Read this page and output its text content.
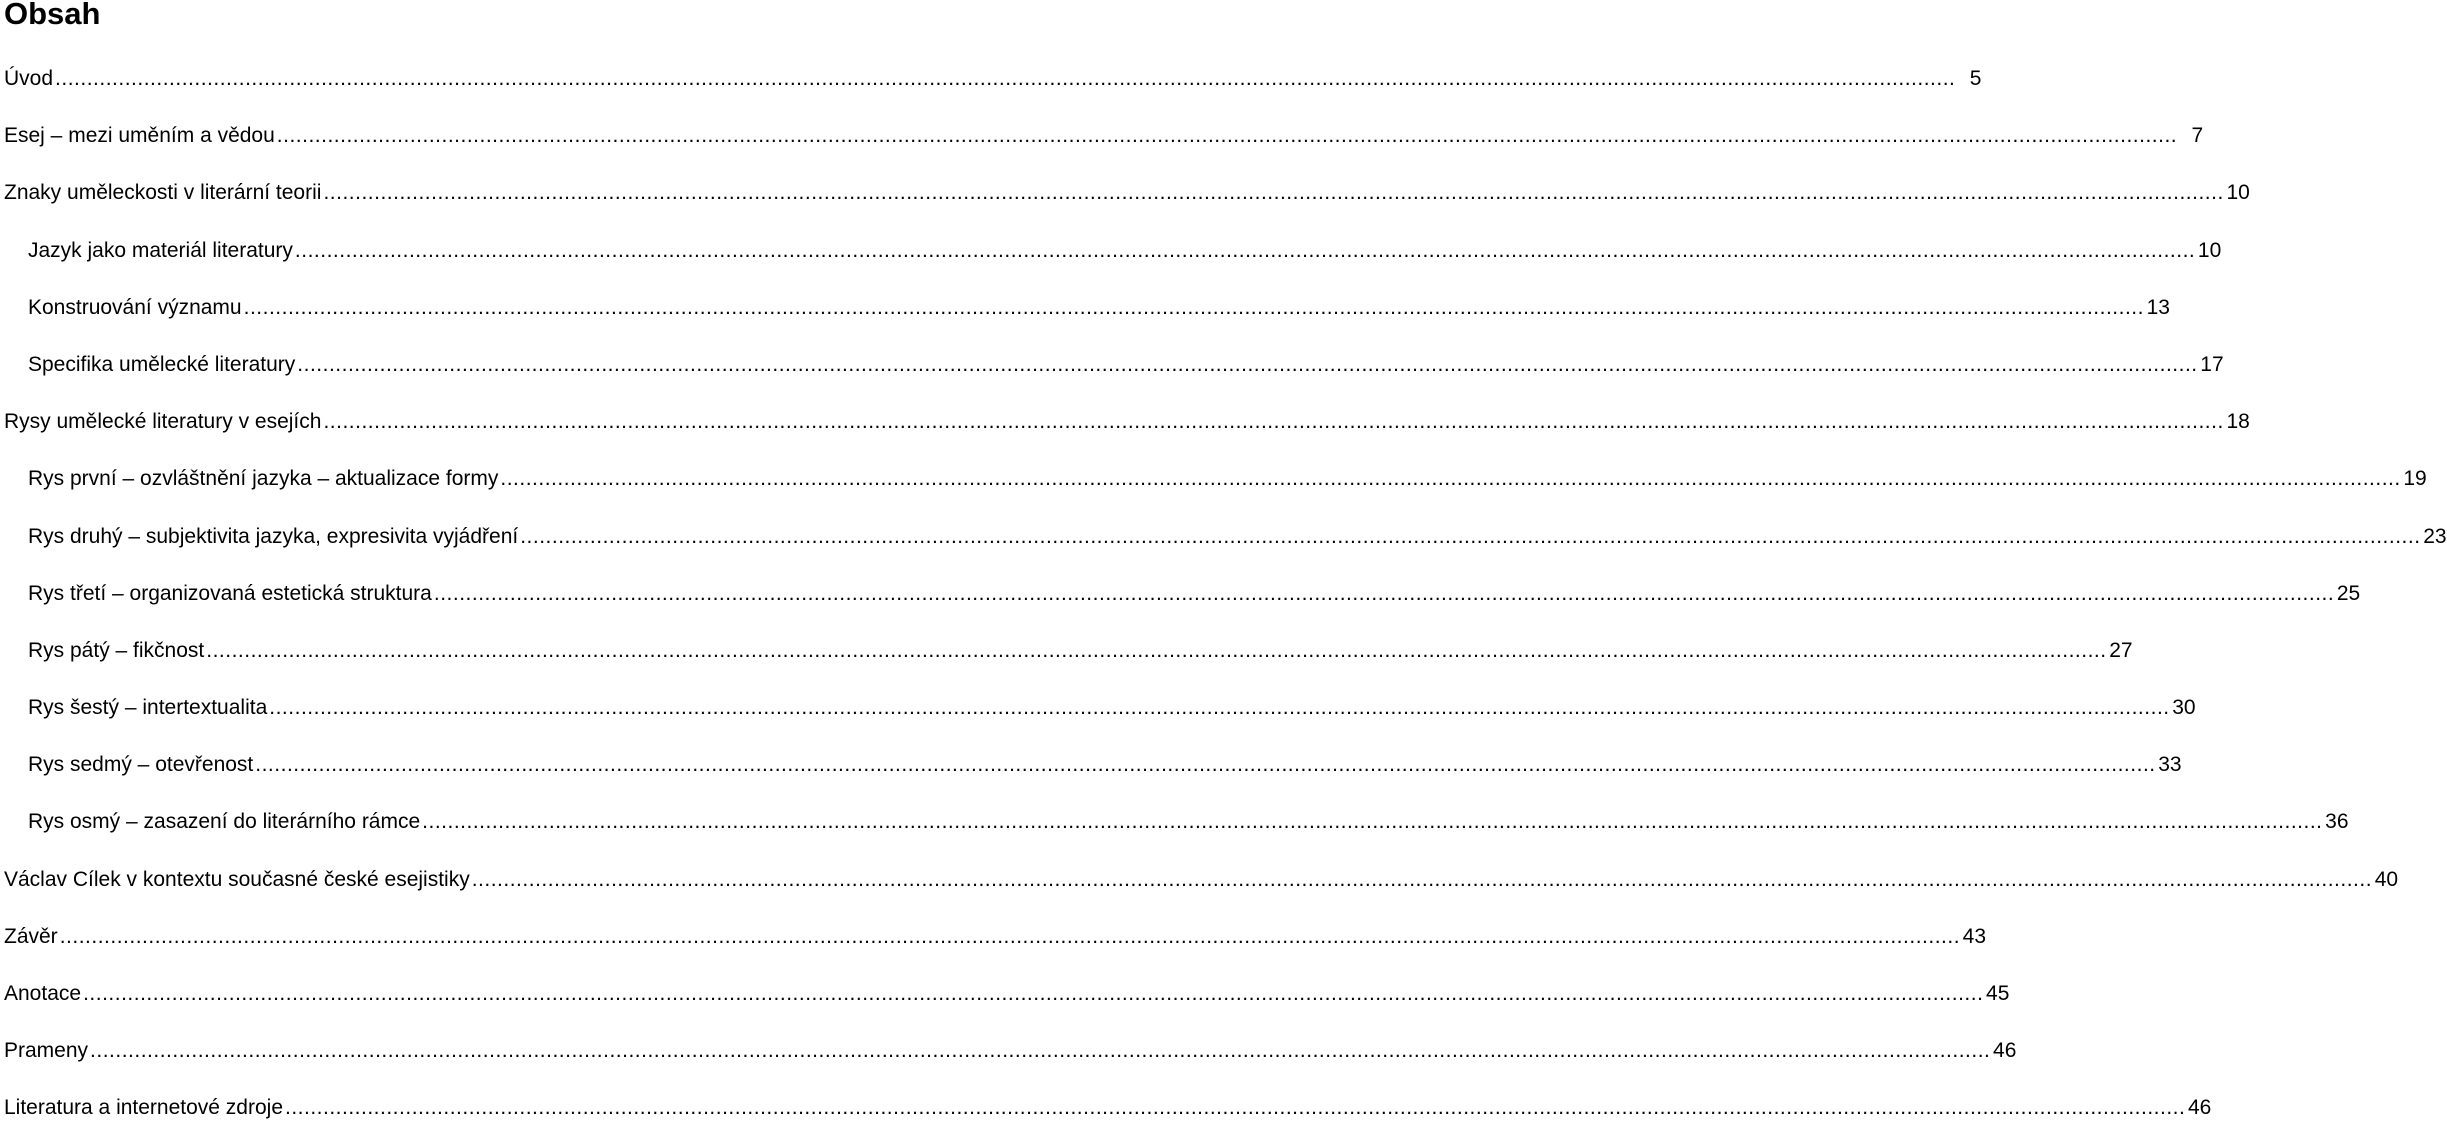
Obsah
Úvod ............................................................................................................................................................................................................................................................................................................ 5
Esej – mezi uměním a vědou ............................................................................................................................................................................................................................................................................................................ 7
Znaky uměleckosti v literární teorii ............................................................................................................................................................................................................................................................................................................ 10
Jazyk jako materiál literatury ............................................................................................................................................................................................................................................................................................................ 10
Konstruování významu ............................................................................................................................................................................................................................................................................................................ 13
Specifika umělecké literatury ............................................................................................................................................................................................................................................................................................................ 17
Rysy umělecké literatury v esejích ............................................................................................................................................................................................................................................................................................................ 18
Rys první – ozvláštnění jazyka – aktualizace formy ............................................................................................................................................................................................................................................................................................................ 19
Rys druhý – subjektivita jazyka, expresivita vyjádření ............................................................................................................................................................................................................................................................................................................ 23
Rys třetí – organizovaná estetická struktura ............................................................................................................................................................................................................................................................................................................ 25
Rys pátý – fikčnost ............................................................................................................................................................................................................................................................................................................ 27
Rys šestý – intertextualita ............................................................................................................................................................................................................................................................................................................ 30
Rys sedmý – otevřenost ............................................................................................................................................................................................................................................................................................................ 33
Rys osmý – zasazení do literárního rámce ............................................................................................................................................................................................................................................................................................................ 36
Václav Cílek v kontextu současné české esejistiky ............................................................................................................................................................................................................................................................................................................ 40
Závěr ............................................................................................................................................................................................................................................................................................................ 43
Anotace ............................................................................................................................................................................................................................................................................................................ 45
Prameny ............................................................................................................................................................................................................................................................................................................ 46
Literatura a internetové zdroje ............................................................................................................................................................................................................................................................................................................ 46
